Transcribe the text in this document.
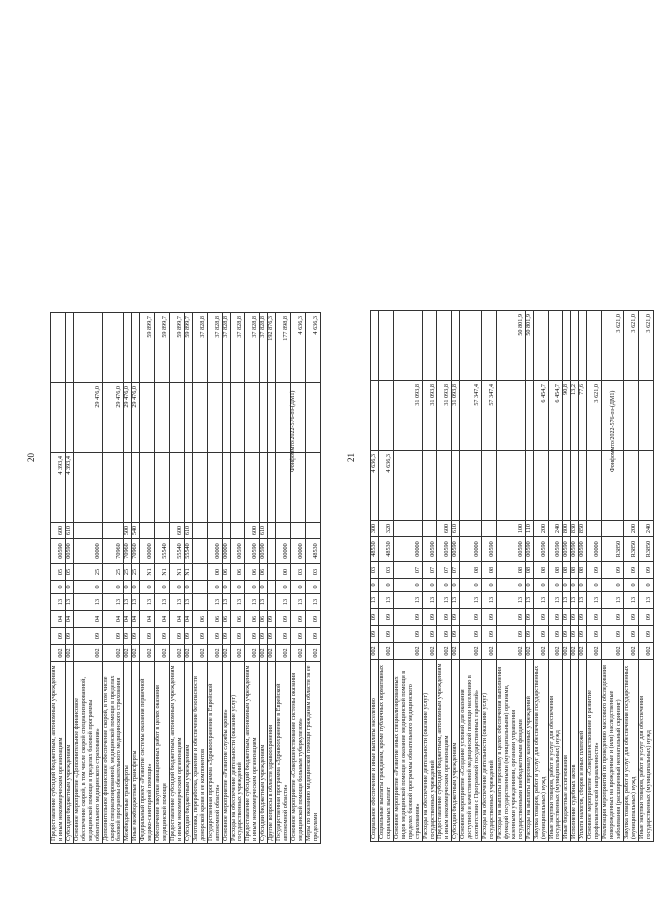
20
Предоставление субсидий бюджетным, автономным учреждениям и иным некоммерческим организациям	002	09	04	13	0	05	00590	600	4 393,4		
Субсидии бюджетным учреждениям	002	09	04	13	0	05	00590	610	4 393,4		
Основное мероприятие «Дополнительное финансовое обеспечение скорой, в том числе скорой специализированной, медицинской помощи в пределах базовой программы обязательного медицинского страхования»	002	09	04	13	0	25	00000			29 476,0	
Дополнительное финансовое обеспечение скорой, в том числе скорой специализированной, медицинской помощи в пределах базовой программы обязательного медицинского страхования	002	09	04	13	0	25	70960			29 476,0	
Межбюджетные трансферты	002	09	04	13	0	25	70960	500		29 476,0	
Иные межбюджетные трансферты	002	09	04	13	0	25	70960	540		29 476,0	
Федеральный проект «Развитие системы оказания первичной медико-санитарной помощи»	002	09	04	13	0	N1	00000				59 899,7
Обеспечение закупки авиационных работ в целях оказания медицинской помощи	002	09	04	13	0	N1	55540				59 899,7
Предоставление субсидий бюджетным, автономным учреждениям и иным некоммерческим организациям	002	09	04	13	0	N1	55540	600			59 899,7
Субсидии бюджетным учреждениям	002	09	04	13	0	N1	55540	610			59 899,7
Заготовка, переработка, хранение и обеспечение безопасности донорской крови и ее компонентов	002	09	06								37 828,8
Государственная программа «Здравоохранение в Еврейской автономной области»	002	09	06	13	0	00	00000				37 828,8
Основное мероприятие «Развитие службы крови»	002	09	06	13	0	06	00000				37 828,8
Расходы на обеспечение деятельности (оказание услуг) государственных учреждений	002	09	06	13	0	06	00590				37 828,8
Предоставление субсидий бюджетным, автономным учреждениям и иным некоммерческим организациям	002	09	06	13	0	06	00590	600			37 828,8
Субсидии бюджетным учреждениям	002	09	06	13	0	06	00590	610			37 828,8
Другие вопросы в области здравоохранения	002	09	09								192 876,3
Государственная программа «Здравоохранение в Еврейской автономной области»	002	09	09	13	0	00	00000				177 898,8
Основное мероприятие «Совершенствование системы оказания медицинской помощи больным туберкулезом»	002	09	09	13	0	03	00000				4 636,3
Меры по оказанию медицинской помощи гражданам области за ее пределами	002	09	09	13	0	03	48530				4 636,3
Фонфоммто/2022-576-оз-(ДМ1)	21
Социальное обеспечение и иные выплаты населению	002	09	09	13	0	03	48530	300	4 636,3		
Социальные выплаты гражданам, кроме публичных нормативных социальных выплат	002	09	09	13	0	03	48530	320	4 636,3		
Основное мероприятие «Развитие иных специализированных видов медицинской помощи и оказание медицинской помощи в пределах базовой программы обязательного медицинского страхования»	002	09	09	13	0	07	00000			31 093,8	
Расходы на обеспечение деятельности (оказание услуг) государственных учреждений	002	09	09	13	0	07	00590			31 093,8	
Предоставление субсидий бюджетным, автономным учреждениям и иным некоммерческим организациям	002	09	09	13	0	07	00590	600		31 093,8	
Субсидии бюджетным учреждениям	002	09	09	13	0	07	00590	610		31 093,8	
Основное мероприятие «Создание условий для оказания доступной и качественной медицинской помощи населению в соответствии с Программой государственных гарантий»	002	09	09	13	0	08	00000			57 347,4	
Расходы на обеспечение деятельности (оказание услуг) государственных учреждений	002	09	09	13	0	08	00590			57 347,4	
Расходы на выплаты персоналу в целях обеспечения выполнения функций государственными (муниципальными) органами, казенными учреждениями, органами управления государственными внебюджетными фондами	002	09	09	13	0	08	00590	100			50 801,9
Расходы на выплаты персоналу казенных учреждений	002	09	09	13	0	08	00590	110			50 801,9
Закупка товаров, работ и услуг для обеспечения государственных (муниципальных) нужд	002	09	09	13	0	08	00590	200		6 454,7	
Иные закупки товаров, работ и услуг для обеспечения государственных (муниципальных) нужд	002	09	09	13	0	08	00590	240		6 454,7	
Иные бюджетные ассигнования	002	09	09	13	0	08	00590	800		90,8	
Исполнение судебных актов	002	09	09	13	0	08	00590	830		13,2	
Уплата налогов, сборов и иных платежей	002	09	09	13	0	08	00590	850		77,6	
Основное мероприятие «Совершенствование и развитие профилактической направленности»	002	09	09	13	0	09	00000			3 621,0	
Реализация мероприятий по проведению массового обследования новорожденных на врожденные и (или) наследственные заболевания (расширенный неонатальный скрининг)	002	09	09	13	0	09	R3850				3 621,0
Закупка товаров, работ и услуг для обеспечения государственных (муниципальных) нужд	002	09	09	13	0	09	R3850	200			3 621,0
Иные закупки товаров, работ и услуг для обеспечения государственных (муниципальных) нужд	002	09	09	13	0	09	R3850	240			3 621,0
Фонфоммто/2022-576-оз-(ДМ1)
